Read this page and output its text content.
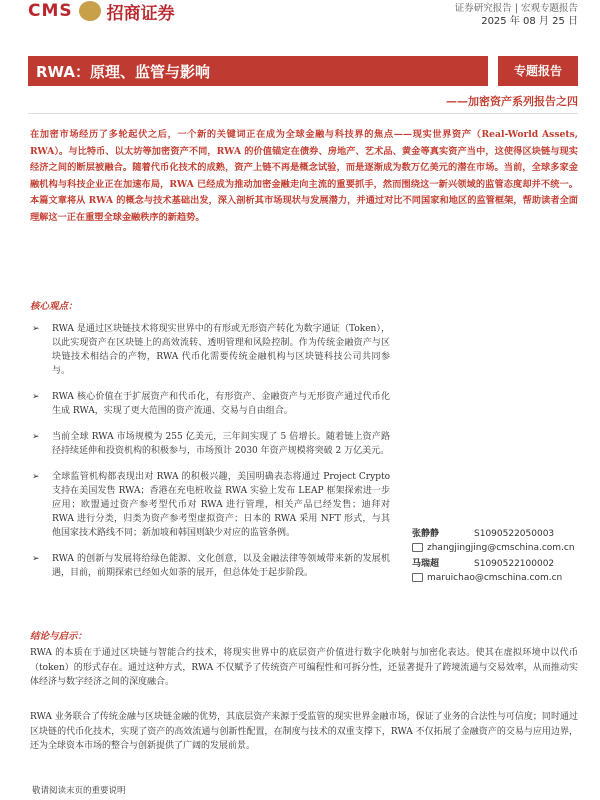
CMS 招商证券	证券研究报告 | 宏观专题报告
2025 年 08 月 25 日
RWA：原理、监管与影响	专题报告
——加密资产系列报告之四
在加密市场经历了多轮起伏之后，一个新的关键词正在成为全球金融与科技界的焦点——现实世界资产（Real-World Assets, RWA）。与比特币、以太坊等加密资产不同，RWA 的价值锚定在债券、房地产、艺术品、黄金等真实资产当中，这使得区块链与现实经济之间的断层被融合。随着代币化技术的成熟，资产上链不再是概念试验，而是逐渐成为数万亿美元的潜在市场。当前，全球多家金融机构与科技企业正在加速布局，RWA 已经成为推动加密金融走向主流的重要抓手，然而围绕这一新兴领域的监管态度却并不统一。本篇文章将从 RWA 的概念与技术基础出发，深入剖析其市场现状与发展潜力，并通过对比不同国家和地区的监管框架，帮助读者全面理解这一正在重塑全球金融秩序的新趋势。
核心观点：
➢ RWA 是通过区块链技术将现实世界中的有形或无形资产转化为数字通证（Token），以此实现资产在区块链上的高效流转、透明管理和风险控制。作为传统金融资产与区块链技术相结合的产物，RWA 代币化需要传统金融机构与区块链科技公司共同参与。
➢ RWA 核心价值在于扩展资产和代币化，有形资产、金融资产与无形资产通过代币化生成 RWA，实现了更大范围的资产流通、交易与自由组合。
➢ 当前全球 RWA 市场规模为 255 亿美元，三年间实现了 5 倍增长。随着链上资产路径持续延伸和投资机构的积极参与，市场预计 2030 年资产规模将突破 2 万亿美元。
➢ 全球监管机构都表现出对 RWA 的积极兴趣，美国明确表态将通过 Project Crypto 支持在美国发售 RWA；香港在充电桩收益 RWA 实验上发布 LEAP 框架探索进一步应用；欧盟通过资产参考型代币对 RWA 进行管理，相关产品已经发售；迪拜对 RWA 进行分类，归类为资产参考型虚拟资产；日本的 RWA 采用 NFT 形式，与其他国家技术路线不同；新加坡和韩国则缺少对应的监管条例。
➢ RWA 的创新与发展将给绿色能源、文化创意，以及金融法律等领域带来新的发展机遇，目前，前期探索已经如火如荼的展开，但总体处于起步阶段。
张静静	S1090522050003
zhangjingjing@cmschina.com.cn
马瑞超	S1090522100002
maruichao@cmschina.com.cn
结论与启示：

RWA 的本质在于通过区块链与智能合约技术，将现实世界中的底层资产价值进行数字化映射与加密化表达。使其在虚拟环境中以代币（token）的形式存在。通过这种方式，RWA 不仅赋予了传统资产可编程性和可拆分性，还显著提升了跨境流通与交易效率，从而推动实体经济与数字经济之间的深度融合。

RWA 业务联合了传统金融与区块链金融的优势，其底层资产来源于受监管的现实世界金融市场，保证了业务的合法性与可信度；同时通过区块链的代币化技术，实现了资产的高效流通与创新性配置，在制度与技术的双重支撑下，RWA 不仅拓展了金融资产的交易与应用边界，还为全球资本市场的整合与创新提供了广阔的发展前景。

敬请阅读末页的重要说明
